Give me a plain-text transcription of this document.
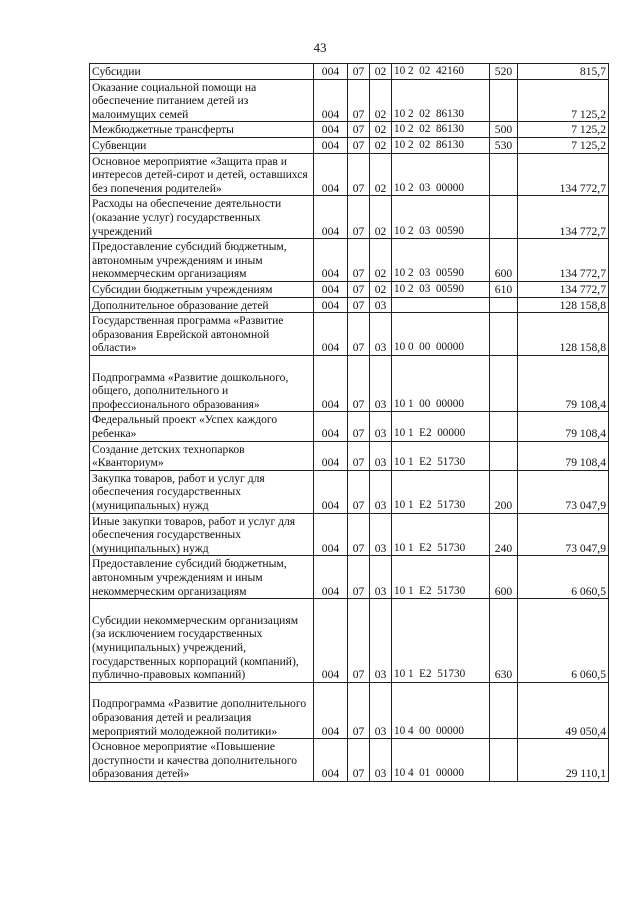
43
Субсидии	004	07	02	10 2  02  42160	520	815,7
Оказание социальной помощи на обеспечение питанием детей из малоимущих семей	004	07	02	10 2  02  86130		7 125,2
Межбюджетные трансферты	004	07	02	10 2  02  86130	500	7 125,2
Субвенции	004	07	02	10 2  02  86130	530	7 125,2
Основное мероприятие «Защита прав и интересов детей-сирот и детей, оставшихся без попечения родителей»	004	07	02	10 2  03  00000		134 772,7
Расходы на обеспечение деятельности (оказание услуг) государственных учреждений	004	07	02	10 2  03  00590		134 772,7
Предоставление субсидий бюджетным, автономным учреждениям и иным некоммерческим организациям	004	07	02	10 2  03  00590	600	134 772,7
Субсидии бюджетным учреждениям	004	07	02	10 2  03  00590	610	134 772,7
Дополнительное образование детей	004	07	03			128 158,8
Государственная программа «Развитие образования Еврейской автономной области»	004	07	03	10 0  00  00000		128 158,8
Подпрограмма «Развитие дошкольного, общего, дополнительного и профессионального образования»	004	07	03	10 1  00  00000		79 108,4
Федеральный проект «Успех каждого ребенка»	004	07	03	10 1  E2  00000		79 108,4
Создание детских технопарков «Кванториум»	004	07	03	10 1  E2  51730		79 108,4
Закупка товаров, работ и услуг для обеспечения государственных (муниципальных) нужд	004	07	03	10 1  E2  51730	200	73 047,9
Иные закупки товаров, работ и услуг для обеспечения государственных (муниципальных) нужд	004	07	03	10 1  E2  51730	240	73 047,9
Предоставление субсидий бюджетным, автономным учреждениям и иным некоммерческим организациям	004	07	03	10 1  E2  51730	600	6 060,5
Субсидии некоммерческим организациям (за исключением государственных (муниципальных) учреждений, государственных корпораций (компаний), публично-правовых компаний)	004	07	03	10 1  E2  51730	630	6 060,5
Подпрограмма «Развитие дополнительного образования детей и реализация мероприятий молодежной политики»	004	07	03	10 4  00  00000		49 050,4
Основное мероприятие «Повышение доступности и качества дополнительного образования детей»	004	07	03	10 4  01  00000		29 110,1
